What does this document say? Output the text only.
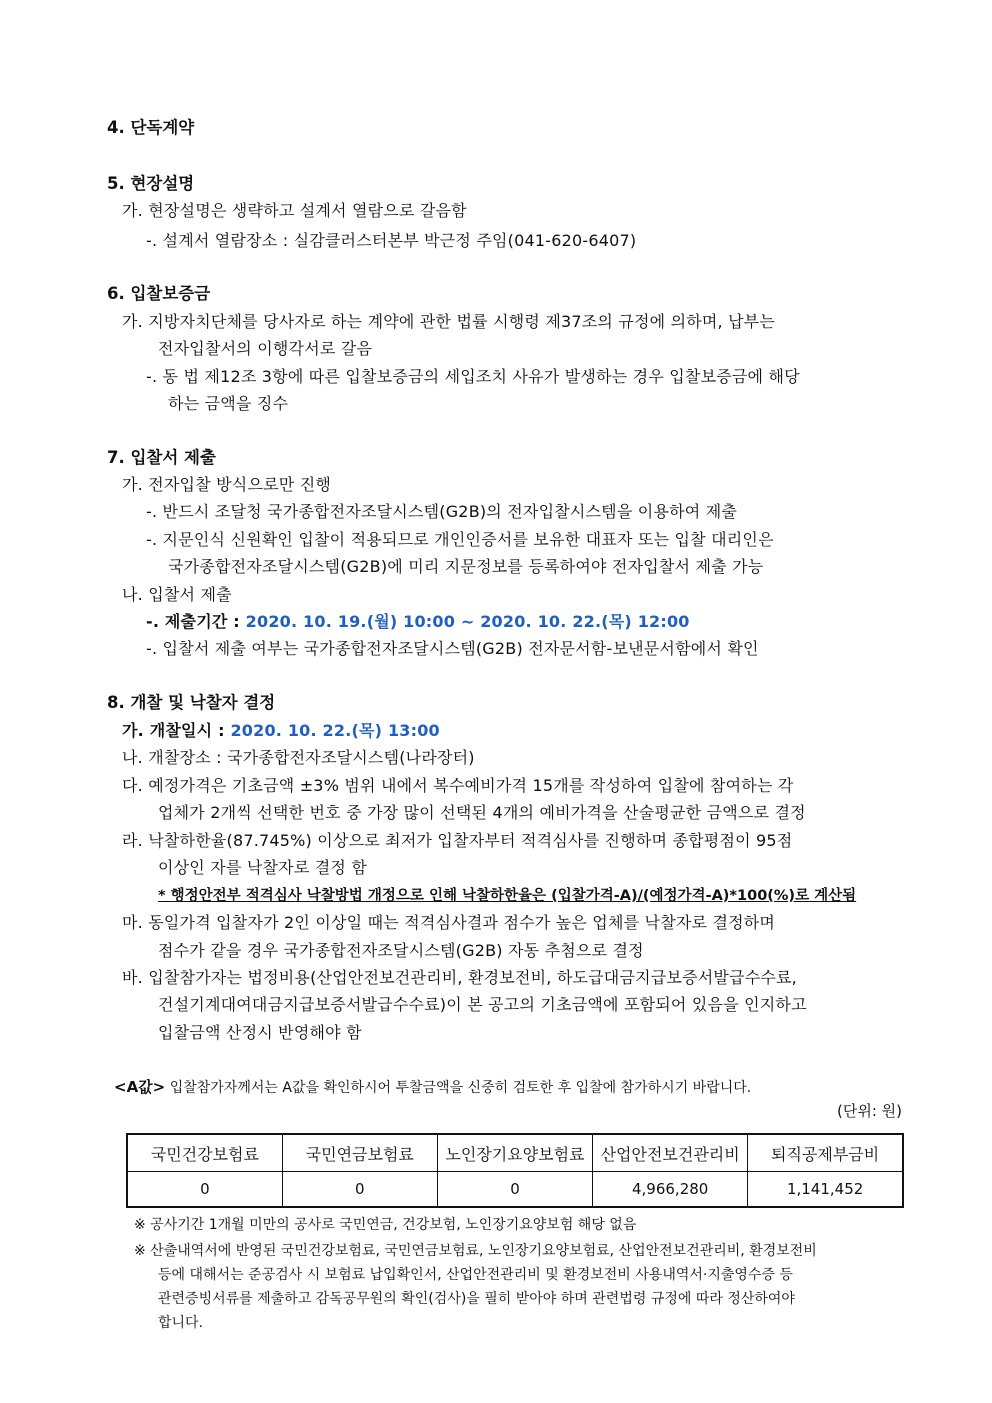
4. 단독계약
5. 현장설명
가. 현장설명은 생략하고 설계서 열람으로 갈음함
-. 설계서 열람장소 : 실감클러스터본부 박근정 주임(041-620-6407)
6. 입찰보증금
가. 지방자치단체를 당사자로 하는 계약에 관한 법률 시행령 제37조의 규정에 의하며, 납부는
전자입찰서의 이행각서로 갈음
-. 동 법 제12조 3항에 따른 입찰보증금의 세입조치 사유가 발생하는 경우 입찰보증금에 해당
하는 금액을 징수
7. 입찰서 제출
가. 전자입찰 방식으로만 진행
-. 반드시 조달청 국가종합전자조달시스템(G2B)의 전자입찰시스템을 이용하여 제출
-. 지문인식 신원확인 입찰이 적용되므로 개인인증서를 보유한 대표자 또는 입찰 대리인은
국가종합전자조달시스템(G2B)에 미리 지문정보를 등록하여야 전자입찰서 제출 가능
나. 입찰서 제출
-. 제출기간 : 2020. 10. 19.(월) 10:00 ~ 2020. 10. 22.(목) 12:00
-. 입찰서 제출 여부는 국가종합전자조달시스템(G2B) 전자문서함-보낸문서함에서 확인
8. 개찰 및 낙찰자 결정
가. 개찰일시 : 2020. 10. 22.(목) 13:00
나. 개찰장소 : 국가종합전자조달시스템(나라장터)
다. 예정가격은 기초금액 ±3% 범위 내에서 복수예비가격 15개를 작성하여 입찰에 참여하는 각
업체가 2개씩 선택한 번호 중 가장 많이 선택된 4개의 예비가격을 산술평균한 금액으로 결정
라. 낙찰하한율(87.745%) 이상으로 최저가 입찰자부터 적격심사를 진행하며 종합평점이 95점
이상인 자를 낙찰자로 결정 함
* 행정안전부 적격심사 낙찰방법 개정으로 인해 낙찰하한율은 (입찰가격-A)/(예정가격-A)*100(%)로 계산됨
마. 동일가격 입찰자가 2인 이상일 때는 적격심사결과 점수가 높은 업체를 낙찰자로 결정하며
점수가 같을 경우 국가종합전자조달시스템(G2B) 자동 추첨으로 결정
바. 입찰참가자는 법정비용(산업안전보건관리비, 환경보전비, 하도급대금지급보증서발급수수료,
건설기계대여대금지급보증서발급수수료)이 본 공고의 기초금액에 포함되어 있음을 인지하고
입찰금액 산정시 반영해야 함
<A값> 입찰참가자께서는 A값을 확인하시어 투찰금액을 신중히 검토한 후 입찰에 참가하시기 바랍니다.
(단위: 원)
국민건강보험료	국민연금보험료	노인장기요양보험료	산업안전보건관리비	퇴직공제부금비
0	0	0	4,966,280	1,141,452
※ 공사기간 1개월 미만의 공사로 국민연금, 건강보험, 노인장기요양보험 해당 없음
※ 산출내역서에 반영된 국민건강보험료, 국민연금보험료, 노인장기요양보험료, 산업안전보건관리비, 환경보전비
등에 대해서는 준공검사 시 보험료 납입확인서, 산업안전관리비 및 환경보전비 사용내역서·지출영수증 등
관련증빙서류를 제출하고 감독공무원의 확인(검사)을 필히 받아야 하며 관련법령 규정에 따라 정산하여야
합니다.
